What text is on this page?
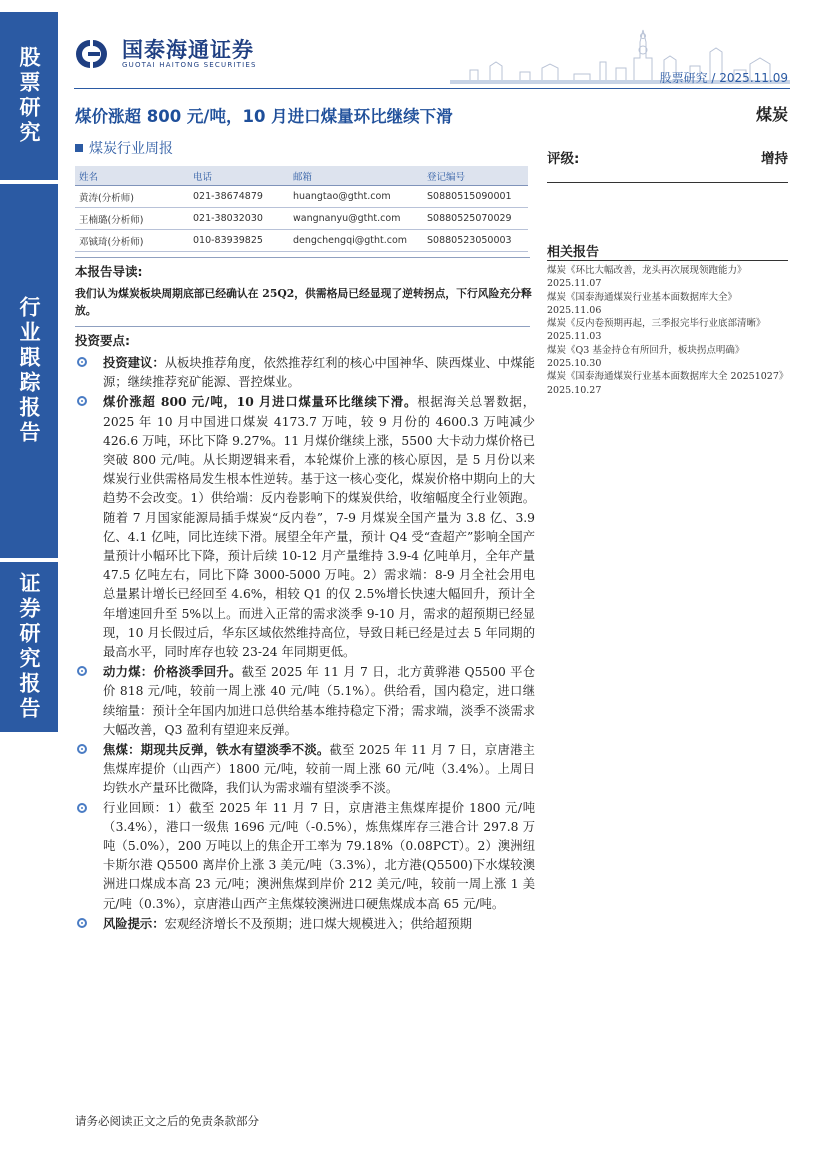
股票研究
行业跟踪报告
证券研究报告
国泰海通证券
GUOTAI HAITONG SECURITIES
股票研究 / 2025.11.09
煤价涨超 800 元/吨，10 月进口煤量环比继续下滑	煤炭
煤炭行业周报
评级:	增持
姓名	电话	邮箱	登记编号
黄涛(分析师)	021-38674879	huangtao@gtht.com	S0880515090001
王楠璐(分析师)	021-38032030	wangnanyu@gtht.com	S0880525070029
邓铖琦(分析师)	010-83939825	dengchengqi@gtht.com	S0880523050003
相关报告
煤炭《环比大幅改善，龙头再次展现领跑能力》
2025.11.07
煤炭《国泰海通煤炭行业基本面数据库大全》
2025.11.06
煤炭《反内卷预期再起，三季报完毕行业底部清晰》
2025.11.03
煤炭《Q3 基金持仓有所回升，板块拐点明确》
2025.10.30
煤炭《国泰海通煤炭行业基本面数据库大全 20251027》
2025.10.27
本报告导读:
我们认为煤炭板块周期底部已经确认在 25Q2，供需格局已经显现了逆转拐点，下行风险充分释放。
投资要点:
投资建议：从板块推荐角度，依然推荐红利的核心中国神华、陕西煤业、中煤能源；继续推荐兖矿能源、晋控煤业。
煤价涨超 800 元/吨，10 月进口煤量环比继续下滑。根据海关总署数据，2025 年 10 月中国进口煤炭 4173.7 万吨，较 9 月份的 4600.3 万吨减少 426.6 万吨，环比下降 9.27%。11 月煤价继续上涨，5500 大卡动力煤价格已突破 800 元/吨。从长期逻辑来看，本轮煤价上涨的核心原因，是 5 月份以来煤炭行业供需格局发生根本性逆转。基于这一核心变化，煤炭价格中期向上的大趋势不会改变。1）供给端：反内卷影响下的煤炭供给，收缩幅度全行业领跑。随着 7 月国家能源局插手煤炭“反内卷”，7-9 月煤炭全国产量为 3.8 亿、3.9 亿、4.1 亿吨，同比连续下滑。展望全年产量，预计 Q4 受“查超产”影响全国产量预计小幅环比下降，预计后续 10-12 月产量维持 3.9-4 亿吨单月，全年产量 47.5 亿吨左右，同比下降 3000-5000 万吨。2）需求端：8-9 月全社会用电总量累计增长已经回至 4.6%，相较 Q1 的仅 2.5%增长快速大幅回升，预计全年增速回升至 5%以上。而进入正常的需求淡季 9-10 月，需求的超预期已经显现，10 月长假过后，华东区域依然维持高位，导致日耗已经是过去 5 年同期的最高水平，同时库存也较 23-24 年同期更低。
动力煤：价格淡季回升。截至 2025 年 11 月 7 日，北方黄骅港 Q5500 平仓价 818 元/吨，较前一周上涨 40 元/吨（5.1%）。供给看，国内稳定，进口继续缩量：预计全年国内加进口总供给基本维持稳定下滑；需求端，淡季不淡需求大幅改善，Q3 盈利有望迎来反弹。
焦煤：期现共反弹，铁水有望淡季不淡。截至 2025 年 11 月 7 日，京唐港主焦煤库提价（山西产）1800 元/吨，较前一周上涨 60 元/吨（3.4%）。上周日均铁水产量环比微降，我们认为需求端有望淡季不淡。
行业回顾：1）截至 2025 年 11 月 7 日，京唐港主焦煤库提价 1800 元/吨（3.4%），港口一级焦 1696 元/吨（-0.5%），炼焦煤库存三港合计 297.8 万吨（5.0%），200 万吨以上的焦企开工率为 79.18%（0.08PCT）。2）澳洲纽卡斯尔港 Q5500 离岸价上涨 3 美元/吨（3.3%），北方港(Q5500)下水煤较澳洲进口煤成本高 23 元/吨；澳洲焦煤到岸价 212 美元/吨，较前一周上涨 1 美元/吨（0.3%），京唐港山西产主焦煤较澳洲进口硬焦煤成本高 65 元/吨。
风险提示：宏观经济增长不及预期；进口煤大规模进入；供给超预期
请务必阅读正文之后的免责条款部分
